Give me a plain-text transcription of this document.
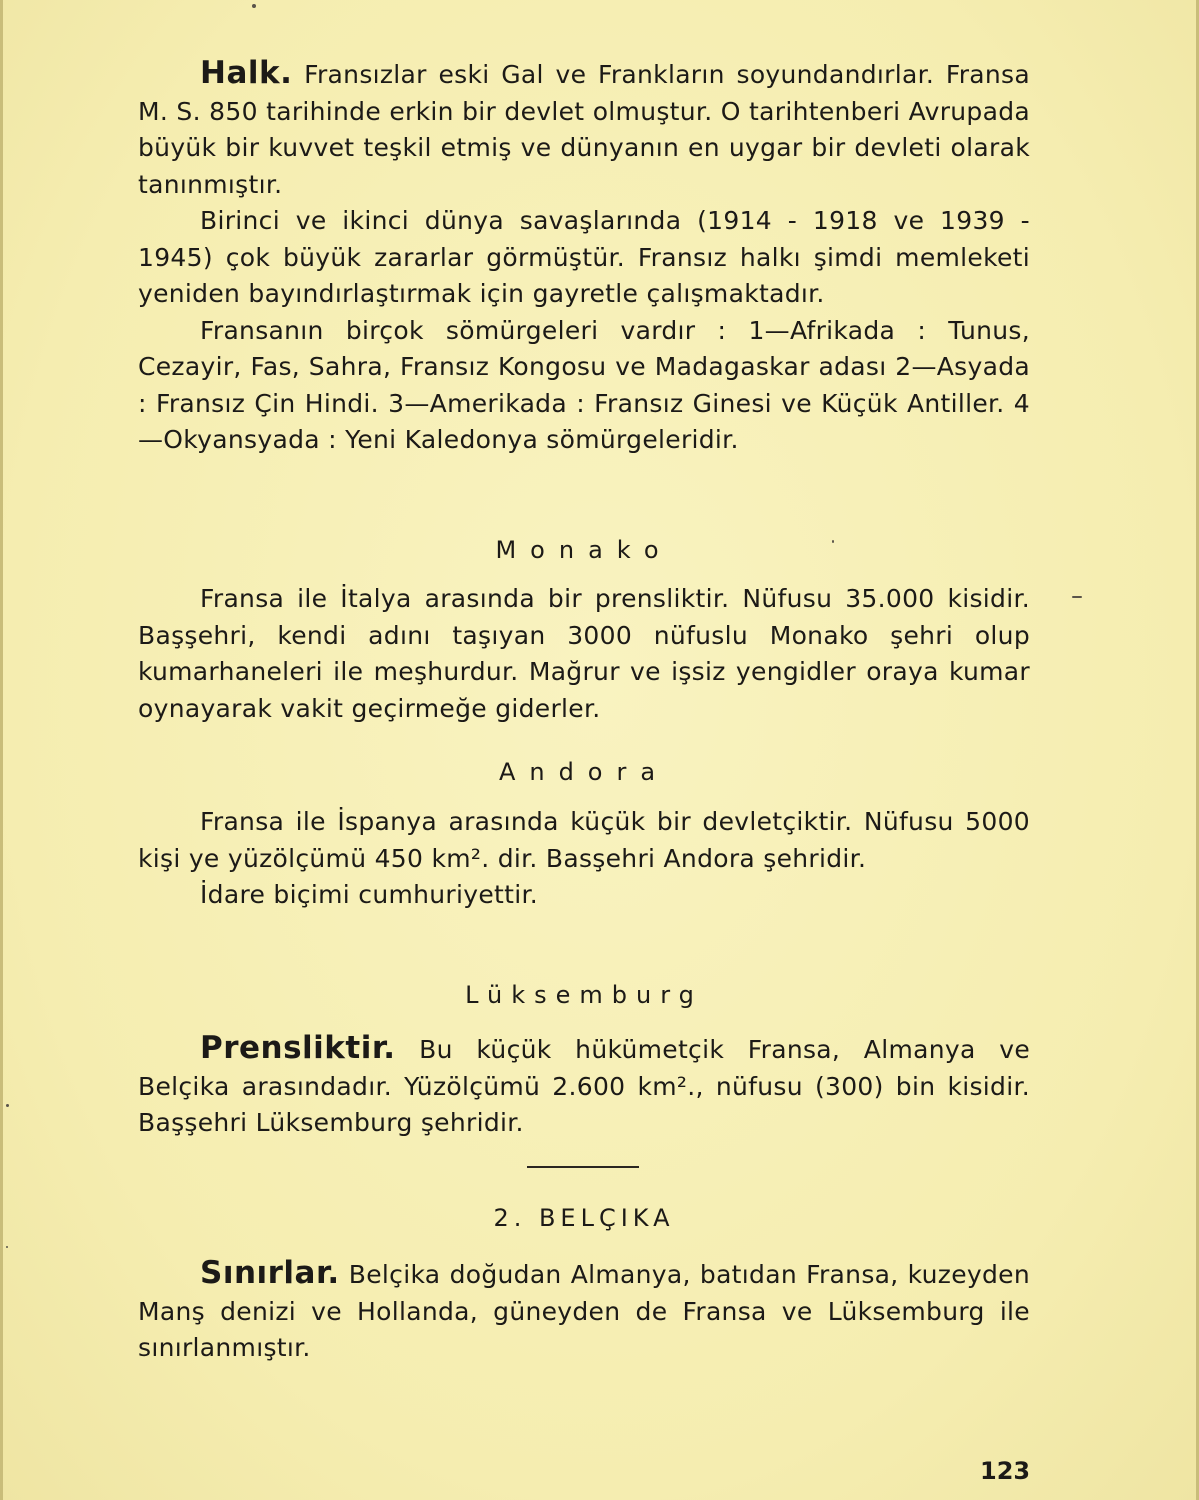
Halk. Fransızlar eski Gal ve Frankların soyundandırlar. Fransa M. S. 850 tarihinde erkin bir devlet olmuştur. O tarihtenberi Avrupada büyük bir kuvvet teşkil etmiş ve dünyanın en uygar bir devleti olarak tanınmıştır.

Birinci ve ikinci dünya savaşlarında (1914 - 1918 ve 1939 - 1945) çok büyük zararlar görmüştür. Fransız halkı şimdi memleketi yeniden bayındırlaştırmak için gayretle çalışmaktadır.

Fransanın birçok sömürgeleri vardır : 1—Afrikada : Tunus, Cezayir, Fas, Sahra, Fransız Kongosu ve Madagaskar adası 2—Asyada : Fransız Çin Hindi. 3—Amerikada : Fransız Ginesi ve Küçük Antiller. 4—Okyansyada : Yeni Kaledonya sömürgeleridir.

Monako

Fransa ile İtalya arasında bir prensliktir. Nüfusu 35.000 kisidir. Başşehri, kendi adını taşıyan 3000 nüfuslu Monako şehri olup kumarhaneleri ile meşhurdur. Mağrur ve işsiz yengidler oraya kumar oynayarak vakit geçirmeğe giderler.

Andora

Fransa ile İspanya arasında küçük bir devletçiktir. Nüfusu 5000 kişi ye yüzölçümü 450 km². dir. Basşehri Andora şehridir.

İdare biçimi cumhuriyettir.

Lüksemburg

Prensliktir. Bu küçük hükümetçik Fransa, Almanya ve Belçika arasındadır. Yüzölçümü 2.600 km²., nüfusu (300) bin kisidir. Başşehri Lüksemburg şehridir.

2. BELÇIKA

Sınırlar. Belçika doğudan Almanya, batıdan Fransa, kuzeyden Manş denizi ve Hollanda, güneyden de Fransa ve Lüksemburg ile sınırlanmıştır.

123
